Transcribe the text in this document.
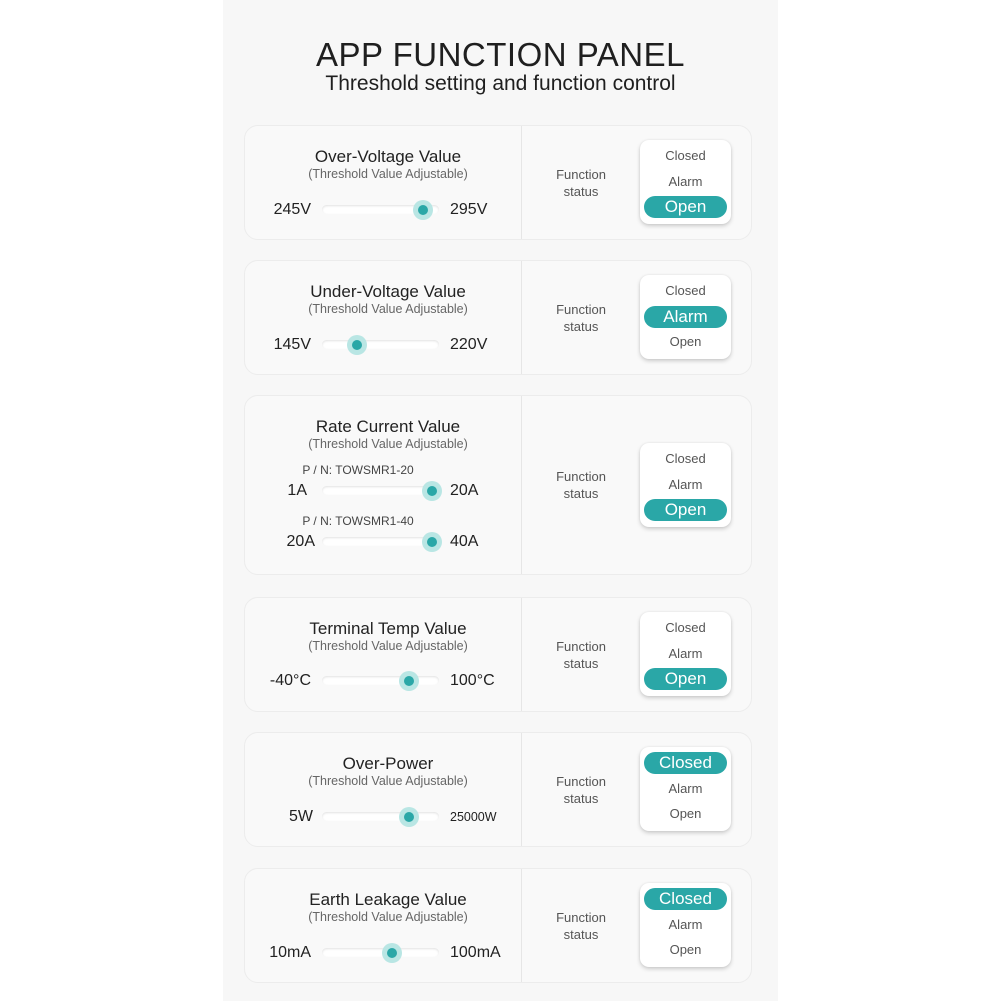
APP FUNCTION PANEL
Threshold setting and function control
Over-Voltage Value
(Threshold Value Adjustable)
245V	295V
Function
status
Closed
Alarm
Open
Under-Voltage Value
(Threshold Value Adjustable)
145V	220V
Function
status
Closed
Alarm
Open
Rate Current Value
(Threshold Value Adjustable)
P / N: TOWSMR1-20
1A	20A
P / N: TOWSMR1-40
20A	40A
Function
status
Closed
Alarm
Open
Terminal Temp Value
(Threshold Value Adjustable)
-40°C	100°C
Function
status
Closed
Alarm
Open
Over-Power
(Threshold Value Adjustable)
5W	25000W
Function
status
Closed
Alarm
Open
Earth Leakage Value
(Threshold Value Adjustable)
10mA	100mA
Function
status
Closed
Alarm
Open
